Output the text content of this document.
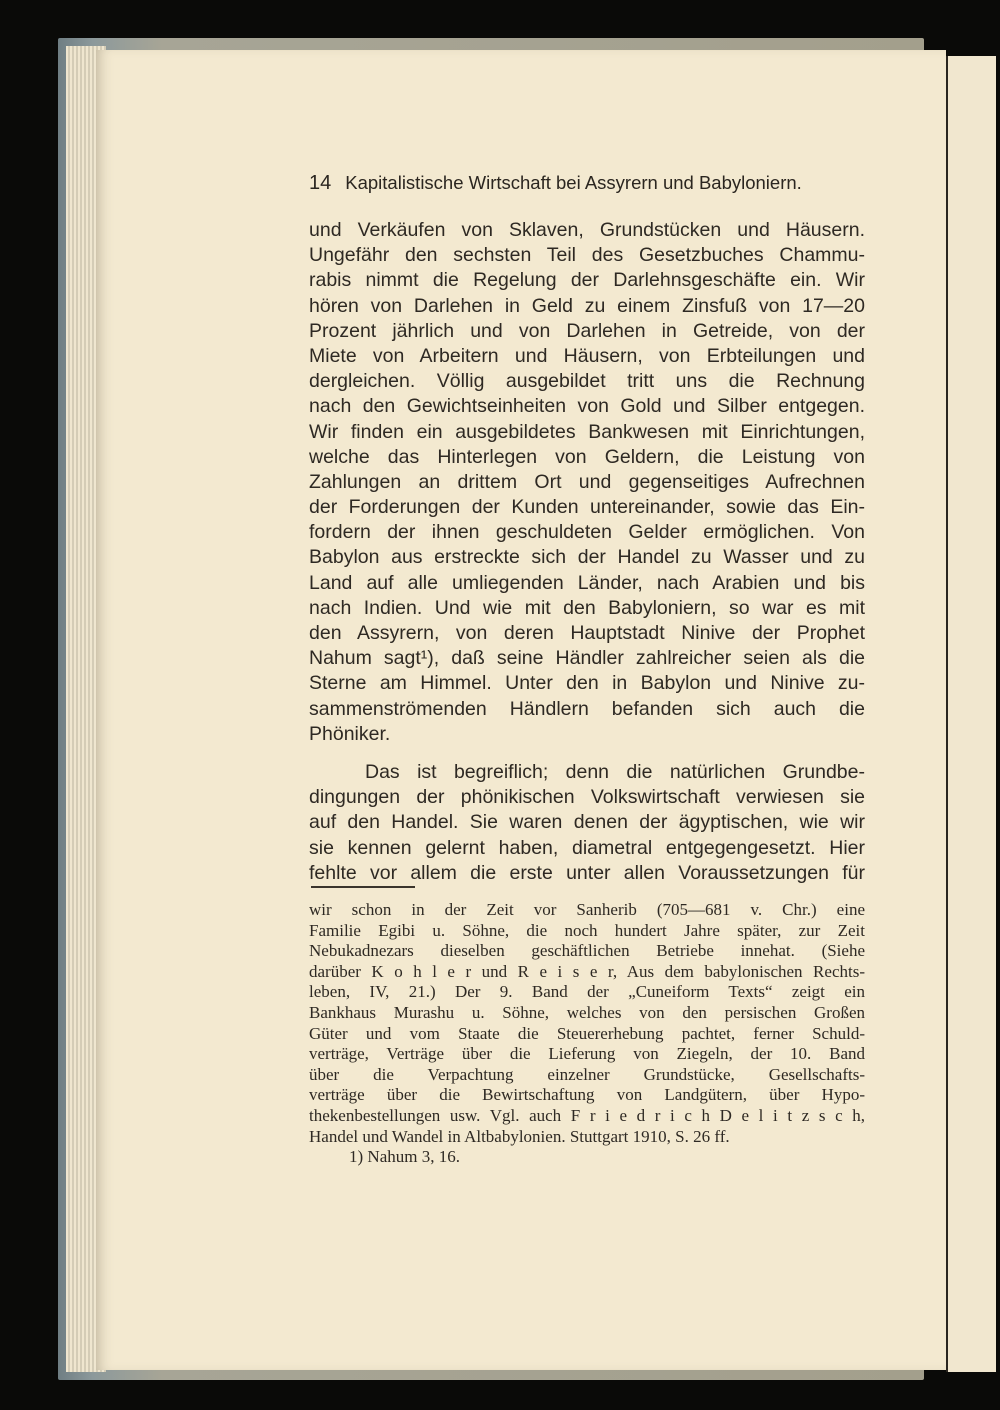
14 Kapitalistische Wirtschaft bei Assyrern und Babyloniern.
und Verkäufen von Sklaven, Grundstücken und Häusern.
Ungefähr den sechsten Teil des Gesetzbuches Chammu-
rabis nimmt die Regelung der Darlehnsgeschäfte ein. Wir
hören von Darlehen in Geld zu einem Zinsfuß von 17—20
Prozent jährlich und von Darlehen in Getreide, von der
Miete von Arbeitern und Häusern, von Erbteilungen und
dergleichen. Völlig ausgebildet tritt uns die Rechnung
nach den Gewichtseinheiten von Gold und Silber entgegen.
Wir finden ein ausgebildetes Bankwesen mit Einrichtungen,
welche das Hinterlegen von Geldern, die Leistung von
Zahlungen an drittem Ort und gegenseitiges Aufrechnen
der Forderungen der Kunden untereinander, sowie das Ein-
fordern der ihnen geschuldeten Gelder ermöglichen. Von
Babylon aus erstreckte sich der Handel zu Wasser und zu
Land auf alle umliegenden Länder, nach Arabien und bis
nach Indien. Und wie mit den Babyloniern, so war es mit
den Assyrern, von deren Hauptstadt Ninive der Prophet
Nahum sagt¹), daß seine Händler zahlreicher seien als die
Sterne am Himmel. Unter den in Babylon und Ninive zu-
sammenströmenden Händlern befanden sich auch die
Phöniker.
Das ist begreiflich; denn die natürlichen Grundbe-
dingungen der phönikischen Volkswirtschaft verwiesen sie
auf den Handel. Sie waren denen der ägyptischen, wie wir
sie kennen gelernt haben, diametral entgegengesetzt. Hier
fehlte vor allem die erste unter allen Voraussetzungen für
wir schon in der Zeit vor Sanherib (705—681 v. Chr.) eine
Familie Egibi u. Söhne, die noch hundert Jahre später, zur Zeit
Nebukadnezars dieselben geschäftlichen Betriebe innehat. (Siehe
darüber K o h l e r und R e i s e r, Aus dem babylonischen Rechts-
leben, IV, 21.) Der 9. Band der „Cuneiform Texts“ zeigt ein
Bankhaus Murashu u. Söhne, welches von den persischen Großen
Güter und vom Staate die Steuererhebung pachtet, ferner Schuld-
verträge, Verträge über die Lieferung von Ziegeln, der 10. Band
über die Verpachtung einzelner Grundstücke, Gesellschafts-
verträge über die Bewirtschaftung von Landgütern, über Hypo-
thekenbestellungen usw. Vgl. auch F r i e d r i c h D e l i t z s c h,
Handel und Wandel in Altbabylonien. Stuttgart 1910, S. 26 ff.
1) Nahum 3, 16.
